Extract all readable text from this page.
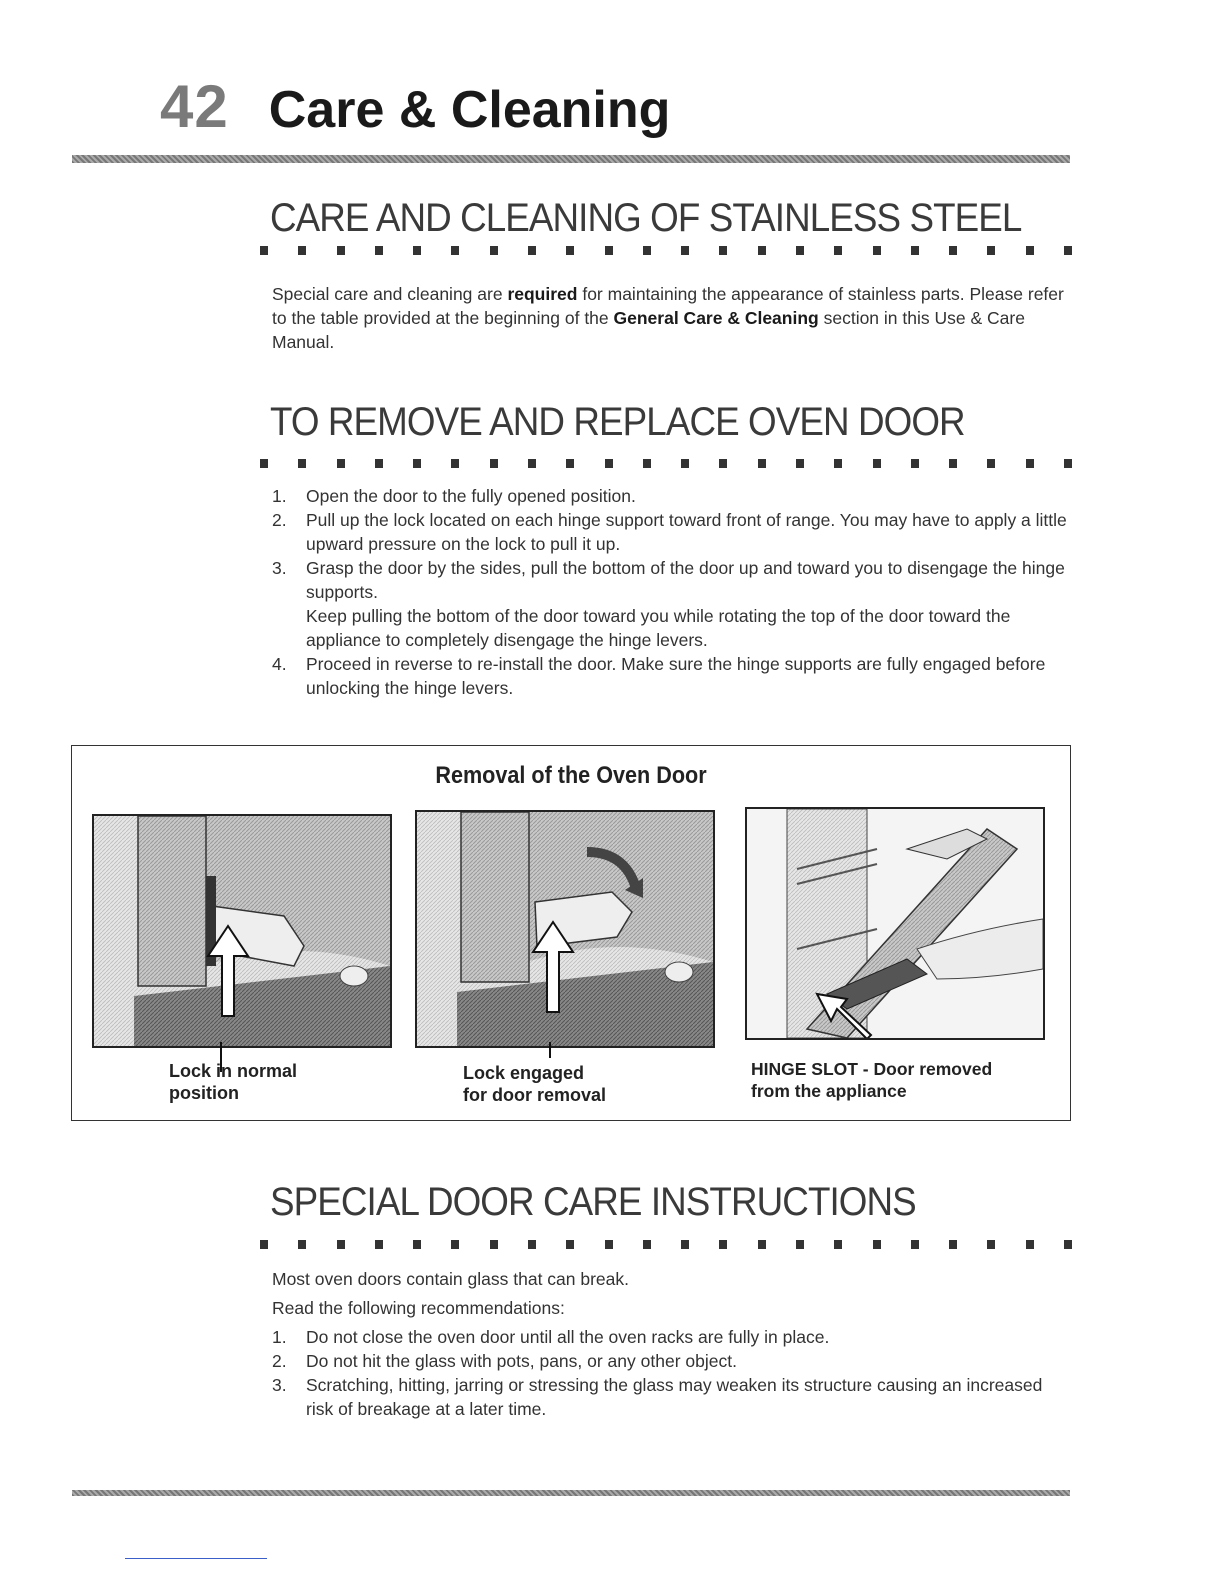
42 Care & Cleaning
CARE AND CLEANING OF STAINLESS STEEL
Special care and cleaning are required for maintaining the appearance of stainless parts. Please refer to the table provided at the beginning of the General Care & Cleaning section in this Use & Care Manual.
TO REMOVE AND REPLACE OVEN DOOR
1. Open the door to the fully opened position.
2. Pull up the lock located on each hinge support toward front of range. You may have to apply a little upward pressure on the lock to pull it up.
3. Grasp the door by the sides, pull the bottom of the door up and toward you to disengage the hinge supports.
Keep pulling the bottom of the door toward you while rotating the top of the door toward the appliance to completely disengage the hinge levers.
4. Proceed in reverse to re-install the door. Make sure the hinge supports are fully engaged before unlocking the hinge levers.
Removal of the Oven Door
Lock in normal
position
Lock engaged
for door removal
HINGE SLOT - Door removed
from the appliance
SPECIAL DOOR CARE INSTRUCTIONS
Most oven doors contain glass that can break.
Read the following recommendations:
1. Do not close the oven door until all the oven racks are fully in place.
2. Do not hit the glass with pots, pans, or any other object.
3. Scratching, hitting, jarring or stressing the glass may weaken its structure causing an increased risk of breakage at a later time.
